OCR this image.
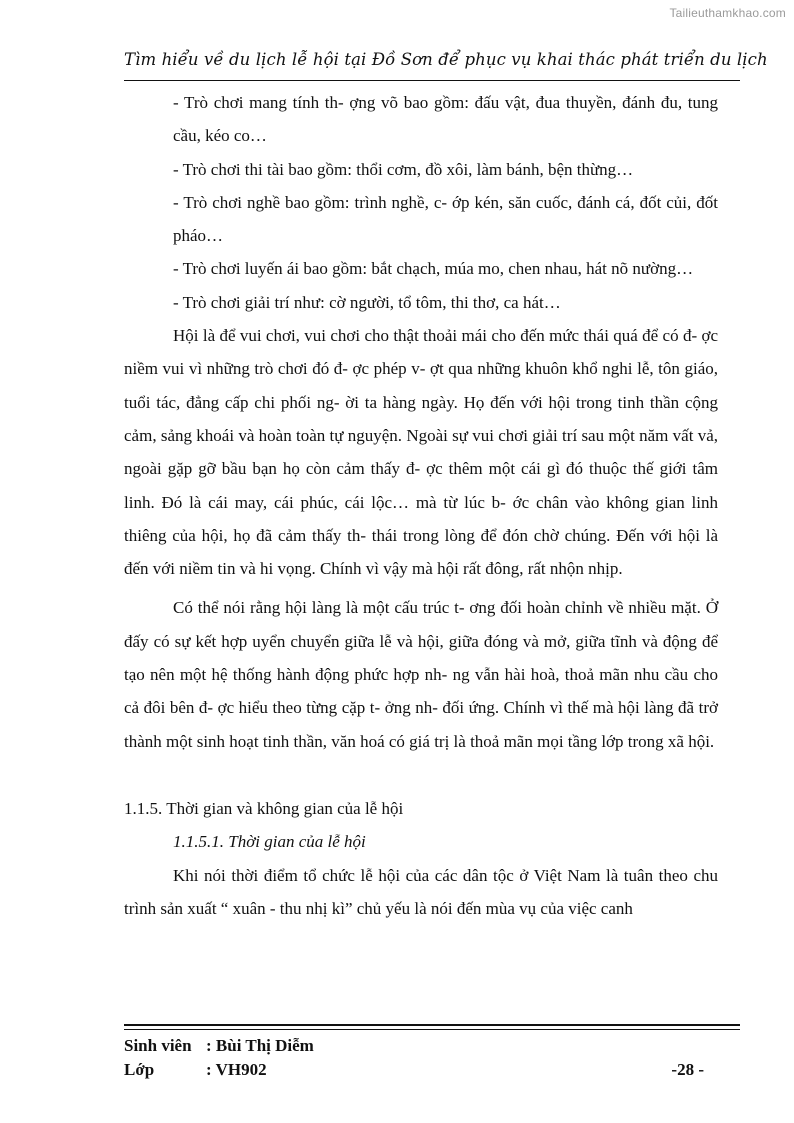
Tailieuthamkhao.com
Tìm hiểu về du lịch lễ hội tại Đồ Sơn để phục vụ khai thác phát triển du lịch

- Trò chơi mang tính th- ợng võ bao gồm: đấu vật, đua thuyền, đánh đu, tung cầu, kéo co…

- Trò chơi thi tài bao gồm: thổi cơm, đồ xôi, làm bánh, bện thừng…

- Trò chơi nghề bao gồm: trình nghề, c- ớp kén, săn cuốc, đánh cá, đốt củi, đốt pháo…

- Trò chơi luyến ái bao gồm: bắt chạch, múa mo, chen nhau, hát nõ nường…

- Trò chơi giải trí như: cờ người, tổ tôm, thi thơ, ca hát…

Hội là để vui chơi, vui chơi cho thật thoải mái cho đến mức thái quá để có đ- ợc niềm vui vì những trò chơi đó đ- ợc phép v- ợt qua những khuôn khổ nghi lễ, tôn giáo, tuổi tác, đẳng cấp chi phối ng- ời ta hàng ngày. Họ đến với hội trong tinh thần cộng cảm, sảng khoái và hoàn toàn tự nguyện. Ngoài sự vui chơi giải trí sau một năm vất vả, ngoài gặp gỡ bầu bạn họ còn cảm thấy đ- ợc thêm một cái gì đó thuộc thế giới tâm linh. Đó là cái may, cái phúc, cái lộc… mà từ lúc b- ớc chân vào không gian linh thiêng của hội, họ đã cảm thấy th- thái trong lòng để đón chờ chúng. Đến với hội là đến với niềm tin và hi vọng. Chính vì vậy mà hội rất đông, rất nhộn nhịp.

Có thể nói rằng hội làng là một cấu trúc t- ơng đối hoàn chỉnh về nhiều mặt. Ở đấy có sự kết hợp uyển chuyển giữa lễ và hội, giữa đóng và mở, giữa tĩnh và động để tạo nên một hệ thống hành động phức hợp nh- ng vẫn hài hoà, thoả mãn nhu cầu cho cả đôi bên đ- ợc hiểu theo từng cặp t- ởng nh- đối ứng. Chính vì thế mà hội làng đã trở thành một sinh hoạt tinh thần, văn hoá có giá trị là thoả mãn mọi tầng lớp trong xã hội.

1.1.5. Thời gian và không gian của lễ hội

1.1.5.1. Thời gian của lễ hội

Khi nói thời điểm tổ chức lễ hội của các dân tộc ở Việt Nam là tuân theo chu trình sản xuất “ xuân - thu nhị kì” chủ yếu là nói đến mùa vụ của việc canh

Sinh viên : Bùi Thị Diễm
Lớp	: VH902	-28 -
